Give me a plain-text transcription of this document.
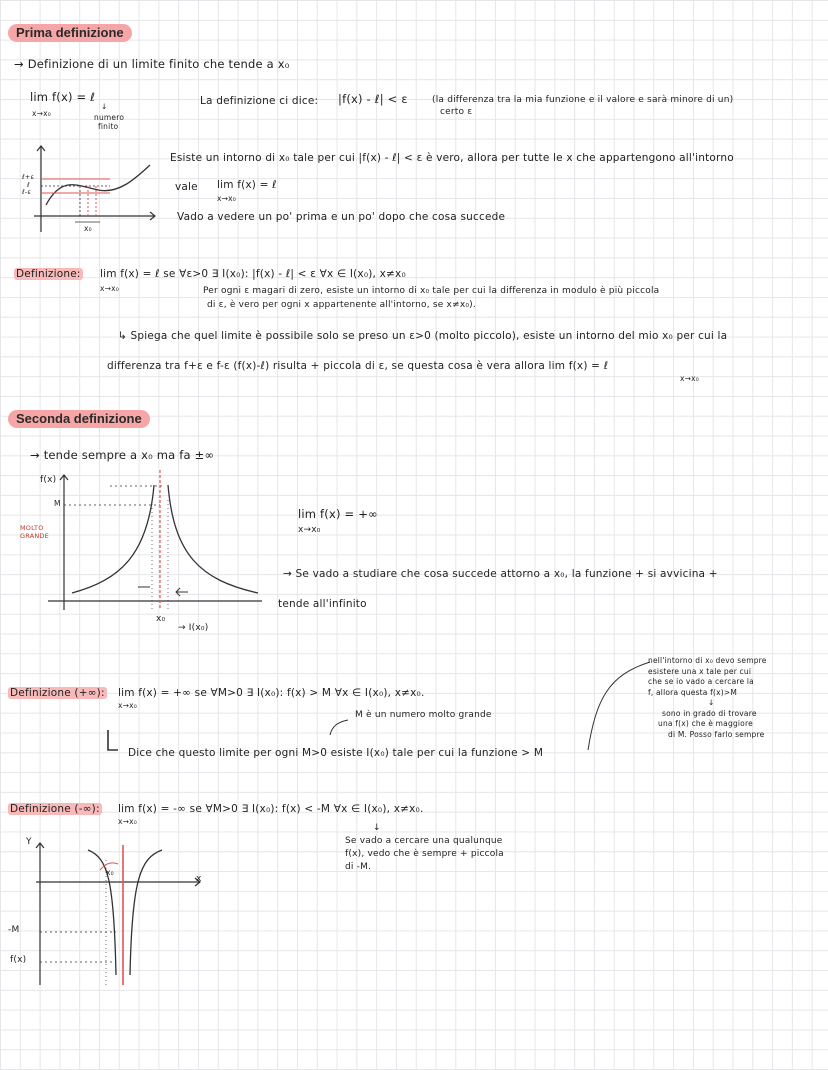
Prima definizione
→ Definizione di un limite finito che tende a x₀
lim f(x) = ℓ
x→x₀
↓
numero
finito
La definizione ci dice: |f(x) - ℓ| < ε	(la differenza tra la mia funzione e il valore e sarà minore di un)
certo ε
ℓ+ε
ℓ
ℓ-ε
x₀
Esiste un intorno di x₀ tale per cui |f(x) - ℓ| < ε è vero, allora per tutte le x che appartengono all'intorno
vale lim f(x) = ℓ
x→x₀
Vado a vedere un po' prima e un po' dopo che cosa succede
Definizione: lim f(x) = ℓ se ∀ε>0 ∃ I(x₀): |f(x) - ℓ| < ε ∀x ∈ I(x₀), x≠x₀
x→x₀	Per ogni ε magari di zero, esiste un intorno di x₀ tale per cui la differenza in modulo è più piccola
di ε, è vero per ogni x appartenente all'intorno, se x≠x₀).
↳ Spiega che quel limite è possibile solo se preso un ε>0 (molto piccolo), esiste un intorno del mio x₀ per cui la
differenza tra f+ε e f-ε (f(x)-ℓ) risulta + piccola di ε, se questa cosa è vera allora lim f(x) = ℓ
x→x₀
Seconda definizione
→ tende sempre a x₀ ma fa ±∞
f(x)
M
MOLTO GRANDE
x₀
→ I(x₀)
lim f(x) = +∞
x→x₀
→ Se vado a studiare che cosa succede attorno a x₀, la funzione + si avvicina +
tende all'infinito
Definizione (+∞): lim f(x) = +∞ se ∀M>0 ∃ I(x₀): f(x) > M ∀x ∈ I(x₀), x≠x₀.
x→x₀
M è un numero molto grande
Dice che questo limite per ogni M>0 esiste I(x₀) tale per cui la funzione > M
nell'intorno di x₀ devo sempre
esistere una x tale per cui
che se io vado a cercare la
f, allora questa f(x)>M
↓
sono in grado di trovare
una f(x) che è maggiore
di M. Posso farlo sempre
Definizione (-∞): lim f(x) = -∞ se ∀M>0 ∃ I(x₀): f(x) < -M ∀x ∈ I(x₀), x≠x₀.
x→x₀
↓
Se vado a cercare una qualunque
f(x), vedo che è sempre + piccola
di -M.
Y
x
x₀
-M
f(x)
